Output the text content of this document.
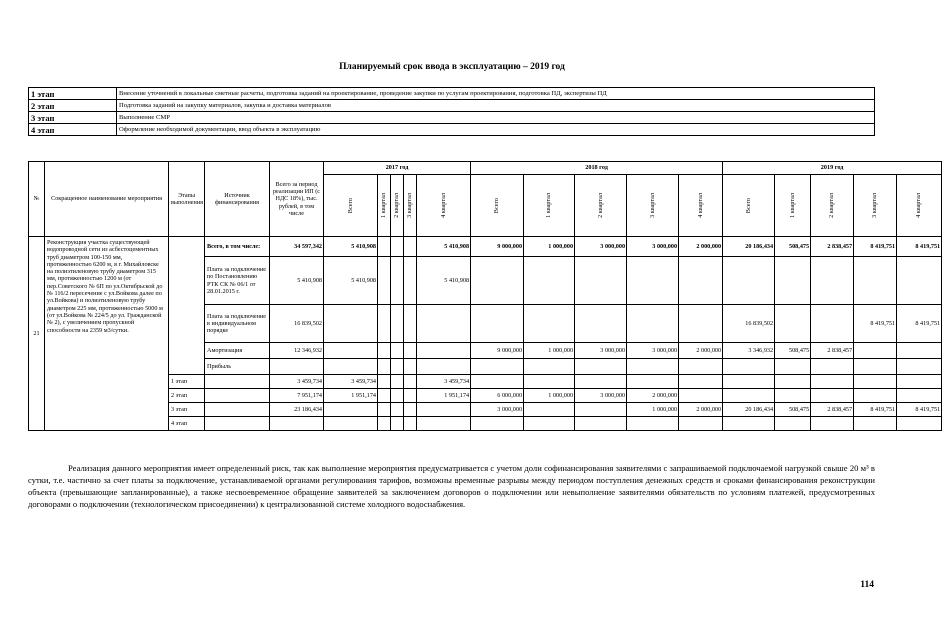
Планируемый срок ввода в эксплуатацию – 2019 год
1 этап	Внесение уточнений в локальные сметные расчеты, подготовка заданий на проектирование, проведение закупки по услугам проектирования, подготовка ПД, экспертизы ПД
2 этап	Подготовка заданий на закупку материалов, закупка и доставка материалов
3 этап	Выполнение СМР
4 этап	Оформление необходимой документации, ввод объекта в эксплуатацию
№	Сокращенное наименование мероприятия	Этапы выполнения	Источник финансирования	Всего за период реализации ИП (с НДС 18%), тыс. рублей, в том числе	2017 год					2018 год					2019 год				

					Всего	1 квартал	2 квартал	3 квартал	4 квартал	Всего	1 квартал	2 квартал	3 квартал	4 квартал	Всего	1 квартал	2 квартал	3 квартал	4 квартал

21	Реконструкция участка существующей водопроводной сети из асбестоцементных труб диаметром 100-150 мм, протяженностью 6200 м, в г. Михайловске на полиэтиленовую трубу диаметром 315 мм, протяженностью 1200 м (от пер.Советского № 6П по ул.Октябрьской до № 116/2 пересечение с ул.Войкова далее по ул.Войкова) и полиэтиленовую трубу диаметром 225 мм, протяженностью 5000 м (от ул.Войкова № 224/5 до ул. Гражданской № 2), с увеличением пропускной способности на 2359 м3/сутки.		Всего, в том числе:	34 597,342	5 410,908				5 410,908	9 000,000	1 000,000	3 000,000	3 000,000	2 000,000	20 186,434	508,475	2 838,457	8 419,751	8 419,751
			Плата за подключение по Постановлению РТК СК № 06/1 от 28.01.2015 г.	5 410,908	5 410,908				5 410,908										
			Плата за подключение в индивидуальном порядке	16 839,502											16 839,502			8 419,751	8 419,751
			Амортизация	12 346,932						9 000,000	1 000,000	3 000,000	3 000,000	2 000,000	3 346,932	508,475	2 838,457		
			Прибыль																
		1 этап		3 459,734	3 459,734				3 459,734										
		2 этап		7 951,174	1 951,174				1 951,174	6 000,000	1 000,000	3 000,000	2 000,000						
		3 этап		23 186,434						3 000,000			1 000,000	2 000,000	20 186,434	508,475	2 838,457	8 419,751	8 419,751
		4 этап																	
Реализация данного мероприятия имеет определенный риск, так как выполнение мероприятия предусматривается с учетом доли софинансирования заявителями с запрашиваемой подключаемой нагрузкой свыше 20 м³ в сутки, т.е. частично за счет платы за подключение, устанавливаемой органами регулирования тарифов, возможны временные разрывы между периодом поступления денежных средств и сроками финансирования реконструкции объекта (превышающие запланированные), а также несвоевременное обращение заявителей за заключением договоров о подключении или невыполнение заявителями обязательств по условиям платежей, предусмотренных договорами о подключении (технологическом присоединении) к централизованной системе холодного водоснабжения.
114
